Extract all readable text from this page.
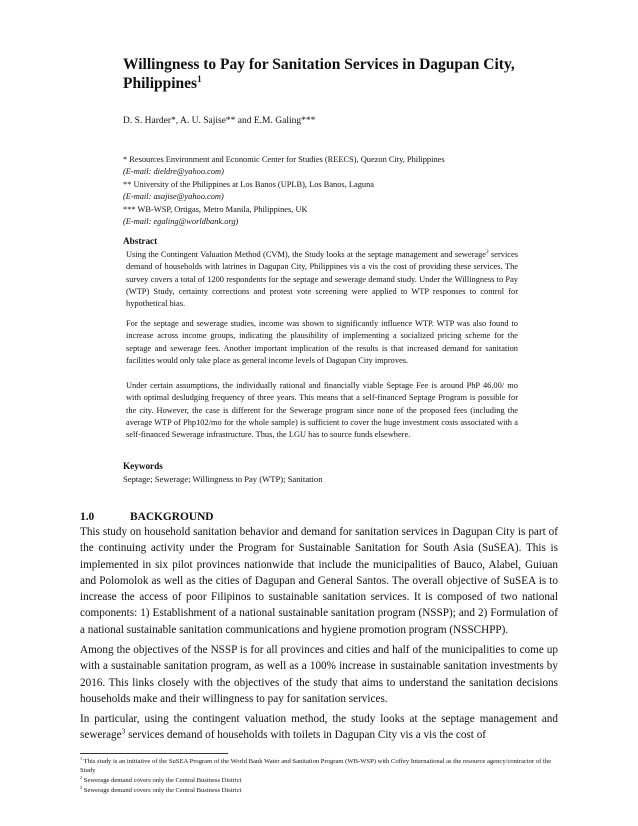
Willingness to Pay for Sanitation Services in Dagupan City, Philippines$^1$
D. S. Harder*, A. U. Sajise** and E.M. Galing***
* Resources Environment and Economic Center for Studies (REECS), Quezon City, Philippines
(E-mail: dieldre@yahoo.com)
** University of the Philippines at Los Banos (UPLB), Los Banos, Laguna
(E-mail: asajise@yahoo.com)
*** WB-WSP, Ortigas, Metro Manila, Philippines, UK
(E-mail: egaling@worldbank.org)
Abstract

Using the Contingent Valuation Method (CVM), the Study looks at the septage management and sewerage$^2$ services demand of households with latrines in Dagupan City, Philippines vis a vis the cost of providing these services. The survey covers a total of 1200 respondents for the septage and sewerage demand study. Under the Willingness to Pay (WTP) Study, certainty corrections and protest vote screening were applied to WTP responses to control for hypothetical bias.

For the septage and sewerage studies, income was shown to significantly influence WTP. WTP was also found to increase across income groups, indicating the plausibility of implementing a socialized pricing scheme for the septage and sewerage fees. Another important implication of the results is that increased demand for sanitation facilities would only take place as general income levels of Dagupan City improves.

Under certain assumptions, the individually rational and financially viable Septage Fee is around PhP 46.00/ mo with optimal desludging frequency of three years. This means that a self-financed Septage Program is possible for the city. However, the case is different for the Sewerage program since none of the proposed fees (including the average WTP of Php102/mo for the whole sample) is sufficient to cover the huge investment costs associated with a self-financed Sewerage infrastructure. Thus, the LGU has to source funds elsewhere.

Keywords
Septage; Sewerage; Willingness to Pay (WTP); Sanitation
1.0	BACKGROUND

This study on household sanitation behavior and demand for sanitation services in Dagupan City is part of the continuing activity under the Program for Sustainable Sanitation for South Asia (SuSEA). This is implemented in six pilot provinces nationwide that include the municipalities of Bauco, Alabel, Guiuan and Polomolok as well as the cities of Dagupan and General Santos. The overall objective of SuSEA is to increase the access of poor Filipinos to sustainable sanitation services. It is composed of two national components: 1) Establishment of a national sustainable sanitation program (NSSP); and 2) Formulation of a national sustainable sanitation communications and hygiene promotion program (NSSCHPP).

Among the objectives of the NSSP is for all provinces and cities and half of the municipalities to come up with a sustainable sanitation program, as well as a 100% increase in sustainable sanitation investments by 2016. This links closely with the objectives of the study that aims to understand the sanitation decisions households make and their willingness to pay for sanitation services.

In particular, using the contingent valuation method, the study looks at the septage management and sewerage$^3$ services demand of households with toilets in Dagupan City vis a vis the cost of

$^1$ This study is an initiative of the SuSEA Program of the World Bank Water and Sanitation Program (WB-WSP) with Coffey International as the resource agency/contractor of the Study

$^2$ Sewerage demand covers only the Central Business District

$^3$ Sewerage demand covers only the Central Business District
